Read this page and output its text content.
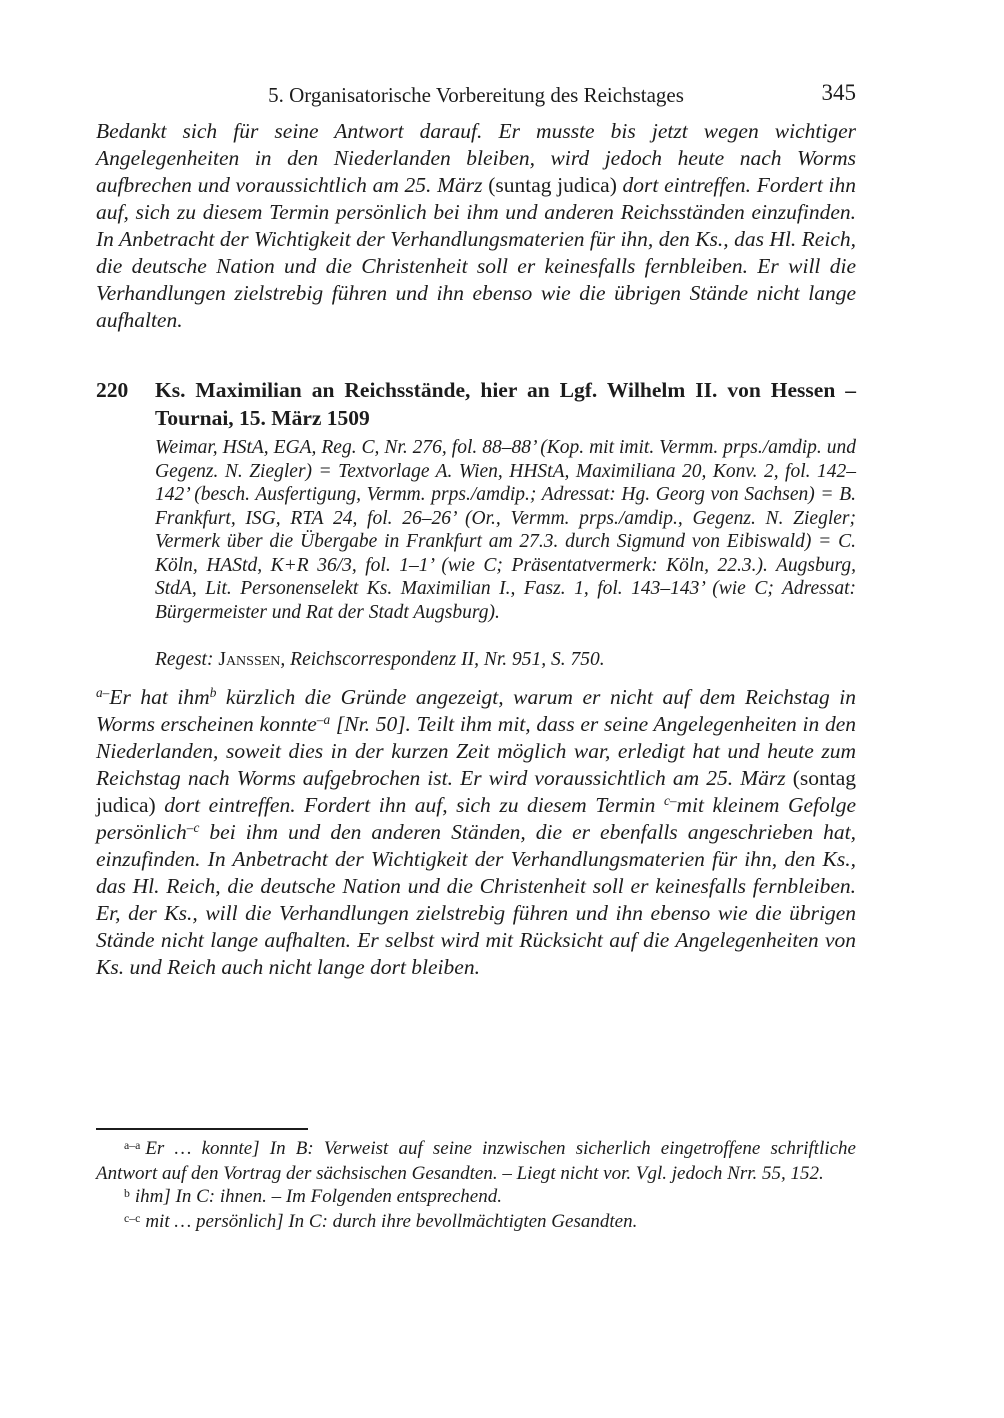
5. Organisatorische Vorbereitung des Reichstages	345
Bedankt sich für seine Antwort darauf. Er musste bis jetzt wegen wichtiger Angelegenheiten in den Niederlanden bleiben, wird jedoch heute nach Worms aufbrechen und voraussichtlich am 25. März (suntag judica) dort eintreffen. Fordert ihn auf, sich zu diesem Termin persönlich bei ihm und anderen Reichsständen einzufinden. In Anbetracht der Wichtigkeit der Verhandlungsmaterien für ihn, den Ks., das Hl. Reich, die deutsche Nation und die Christenheit soll er keinesfalls fernbleiben. Er will die Verhandlungen zielstrebig führen und ihn ebenso wie die übrigen Stände nicht lange aufhalten.
220 Ks. Maximilian an Reichsstände, hier an Lgf. Wilhelm II. von Hessen –
Tournai, 15. März 1509
Weimar, HStA, EGA, Reg. C, Nr. 276, fol. 88–88’ (Kop. mit imit. Vermm. prps./amdip. und Gegenz. N. Ziegler) = Textvorlage A. Wien, HHStA, Maximiliana 20, Konv. 2, fol. 142–142’ (besch. Ausfertigung, Vermm. prps./amdip.; Adressat: Hg. Georg von Sachsen) = B. Frankfurt, ISG, RTA 24, fol. 26–26’ (Or., Vermm. prps./amdip., Gegenz. N. Ziegler; Vermerk über die Übergabe in Frankfurt am 27.3. durch Sigmund von Eibiswald) = C. Köln, HAStd, K+R 36/3, fol. 1–1’ (wie C; Präsentatvermerk: Köln, 22.3.). Augsburg, StdA, Lit. Personenselekt Ks. Maximilian I., Fasz. 1, fol. 143–143’ (wie C; Adressat: Bürgermeister und Rat der Stadt Augsburg).
Regest: Janssen, Reichscorrespondenz II, Nr. 951, S. 750.
$^{a-}$Er hat ihm$^b$ kürzlich die Gründe angezeigt, warum er nicht auf dem Reichstag in Worms erscheinen konnte$^{-a}$ [Nr. 50]. Teilt ihm mit, dass er seine Angelegenheiten in den Niederlanden, soweit dies in der kurzen Zeit möglich war, erledigt hat und heute zum Reichstag nach Worms aufgebrochen ist. Er wird voraussichtlich am 25. März (sontag judica) dort eintreffen. Fordert ihn auf, sich zu diesem Termin $^{c-}$mit kleinem Gefolge persönlich$^{-c}$ bei ihm und den anderen Ständen, die er ebenfalls angeschrieben hat, einzufinden. In Anbetracht der Wichtigkeit der Verhandlungsmaterien für ihn, den Ks., das Hl. Reich, die deutsche Nation und die Christenheit soll er keinesfalls fernbleiben. Er, der Ks., will die Verhandlungen zielstrebig führen und ihn ebenso wie die übrigen Stände nicht lange aufhalten. Er selbst wird mit Rücksicht auf die Angelegenheiten von Ks. und Reich auch nicht lange dort bleiben.
$^{a-a}$ Er … konnte] In B: Verweist auf seine inzwischen sicherlich eingetroffene schriftliche Antwort auf den Vortrag der sächsischen Gesandten. – Liegt nicht vor. Vgl. jedoch Nrr. 55, 152.
$^b$ ihm] In C: ihnen. – Im Folgenden entsprechend.
$^{c-c}$ mit … persönlich] In C: durch ihre bevollmächtigten Gesandten.
